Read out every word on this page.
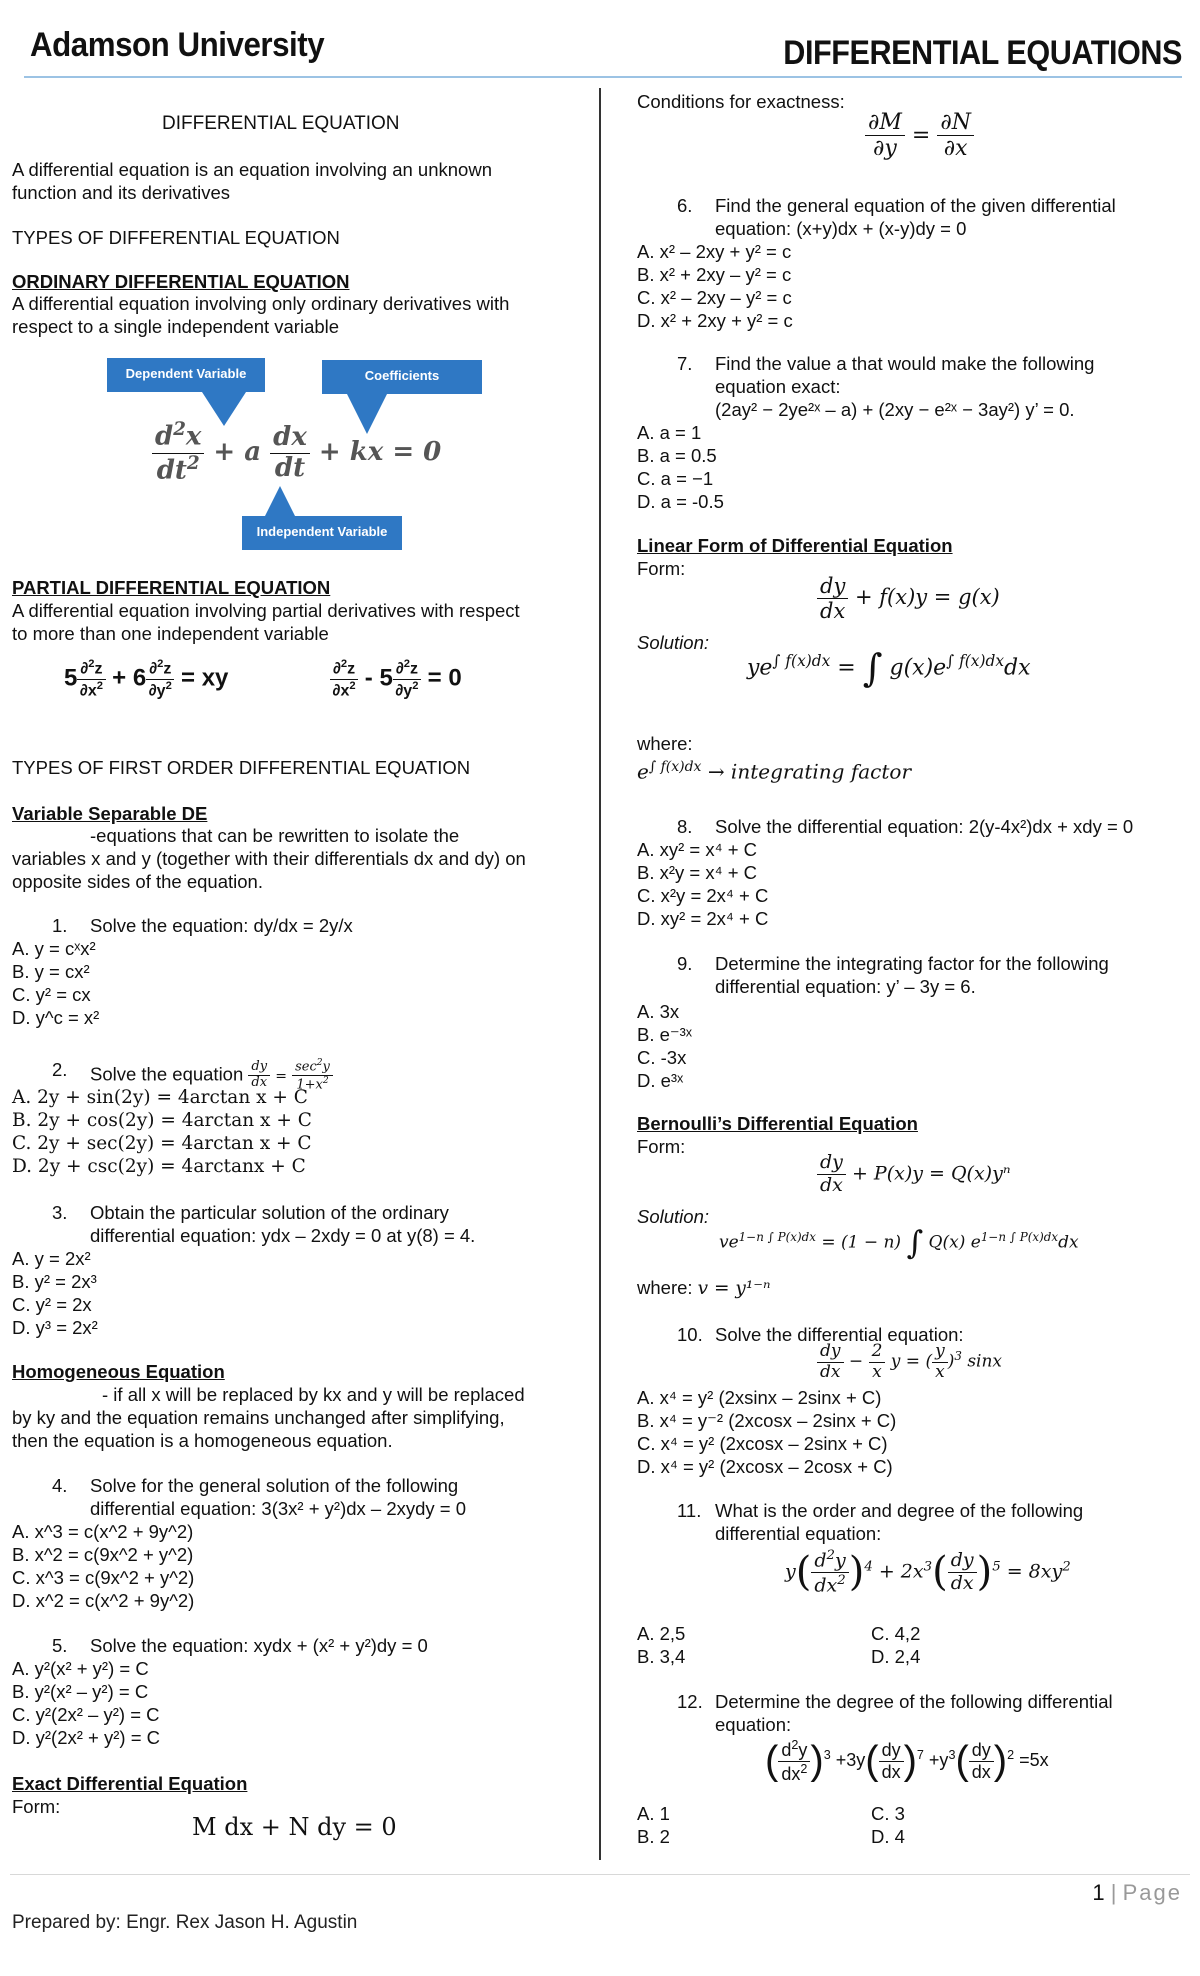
Adamson University	DIFFERENTIAL EQUATIONS
DIFFERENTIAL EQUATION
A differential equation is an equation involving an unknown
function and its derivatives
TYPES OF DIFFERENTIAL EQUATION
ORDINARY DIFFERENTIAL EQUATION
A differential equation involving only ordinary derivatives with
respect to a single independent variable
Dependent Variable	Coefficients
$\frac{d^2x}{dt^2} + a \frac{dx}{dt}$ + kx = 0
Independent Variable
PARTIAL DIFFERENTIAL EQUATION
A differential equation involving partial derivatives with respect
to more than one independent variable
$5 \frac{\partial^2z}{\partial x^2} + 6 \frac{\partial^2z}{\partial y^2}$ = xy	$\frac{\partial^2z}{\partial x^2} - 5 \frac{\partial^2z}{\partial y^2} = 0$
TYPES OF FIRST ORDER DIFFERENTIAL EQUATION
Variable Separable DE
-equations that can be rewritten to isolate the
variables x and y (together with their differentials dx and dy) on
opposite sides of the equation.
1. Solve the equation: dy/dx = 2y/x
A. y = cˣx²
B. y = cx²
C. y² = cx
D. y^c = x²
2. Solve the equation $\frac{dy}{dx} = \frac{\sec^2y}{1+x^2}$
A. 2y + sin(2y) = 4arctan x + C
B. 2y + cos(2y) = 4arctan x + C
C. 2y + sec(2y) = 4arctan x + C
D. 2y + csc(2y) = 4arctanx + C
3. Obtain the particular solution of the ordinary
differential equation: ydx – 2xdy = 0 at y(8) = 4.
A. y = 2x²
B. y² = 2x³
C. y² = 2x
D. y³ = 2x²
Homogeneous Equation
- if all x will be replaced by kx and y will be replaced
by ky and the equation remains unchanged after simplifying,
then the equation is a homogeneous equation.
4. Solve for the general solution of the following
differential equation: 3(3x² + y²)dx – 2xydy = 0
A. x^3 = c(x^2 + 9y^2)
B. x^2 = c(9x^2 + y^2)
C. x^3 = c(9x^2 + y^2)
D. x^2 = c(x^2 + 9y^2)
5. Solve the equation: xydx + (x² + y²)dy = 0
A. y²(x² + y²) = C
B. y²(x² – y²) = C
C. y²(2x² – y²) = C
D. y²(2x² + y²) = C
Exact Differential Equation
Form:
M dx + N dy = 0
Conditions for exactness:
$\frac{\partial M}{\partial y} = \frac{\partial N}{\partial x}$
6. Find the general equation of the given differential
equation: (x+y)dx + (x-y)dy = 0
A. x² – 2xy + y² = c
B. x² + 2xy – y² = c
C. x² – 2xy – y² = c
D. x² + 2xy + y² = c
7. Find the value a that would make the following
equation exact:
(2ay² − 2ye²ˣ – a) + (2xy − e²ˣ − 3ay²) y’ = 0.
A. a = 1
B. a = 0.5
C. a = −1
D. a = -0.5
Linear Form of Differential Equation
Form:
$\frac{dy}{dx} + f(x)y = g(x)$
Solution:
$ye^{\int f(x)dx}$ = ∫ $g(x)e^{\int f(x)dx}dx$
where:
$e^{\int f(x)dx}$ → integrating factor
8. Solve the differential equation: 2(y-4x²)dx + xdy = 0
A. xy² = x⁴ + C
B. x²y = x⁴ + C
C. x²y = 2x⁴ + C
D. xy² = 2x⁴ + C
9. Determine the integrating factor for the following
differential equation: y’ – 3y = 6.
A. 3x
B. e⁻³ˣ
C. -3x
D. e³ˣ
Bernoulli’s Differential Equation
Form:
$\frac{dy}{dx} + P(x)y = Q(x)y^n$
Solution:
$ve^{1-n \int P(x)dx} = (1 - n)$ ∫ Q(x) $e^{1-n \int P(x)dx}dx$
where: v = y¹⁻ⁿ
10. Solve the differential equation:
$\frac{dy}{dx} - \frac{2}{x}$ y = ( $\frac{y}{x} )^3$ sinx
A. x⁴ = y² (2xsinx – 2sinx + C)
B. x⁴ = y⁻² (2xcosx – 2sinx + C)
C. x⁴ = y² (2xcosx – 2sinx + C)
D. x⁴ = y² (2xcosx – 2cosx + C)
11. What is the order and degree of the following
differential equation:
$y( \frac{d^2y}{dx^2} )^4 + 2x^3( \frac{dy}{dx} )^5 = 8xy^2$
A. 2,5
B. 3,4
C. 4,2
D. 2,4
12. Determine the degree of the following differential
equation:
( $\frac{d^2y}{dx^2} )^3 +3y( \frac{dy}{dx} )^7 +y^3( \frac{dy}{dx} )^2 =5x$
A. 1
B. 2
C. 3
D. 4
1 | Page
Prepared by: Engr. Rex Jason H. Agustin
